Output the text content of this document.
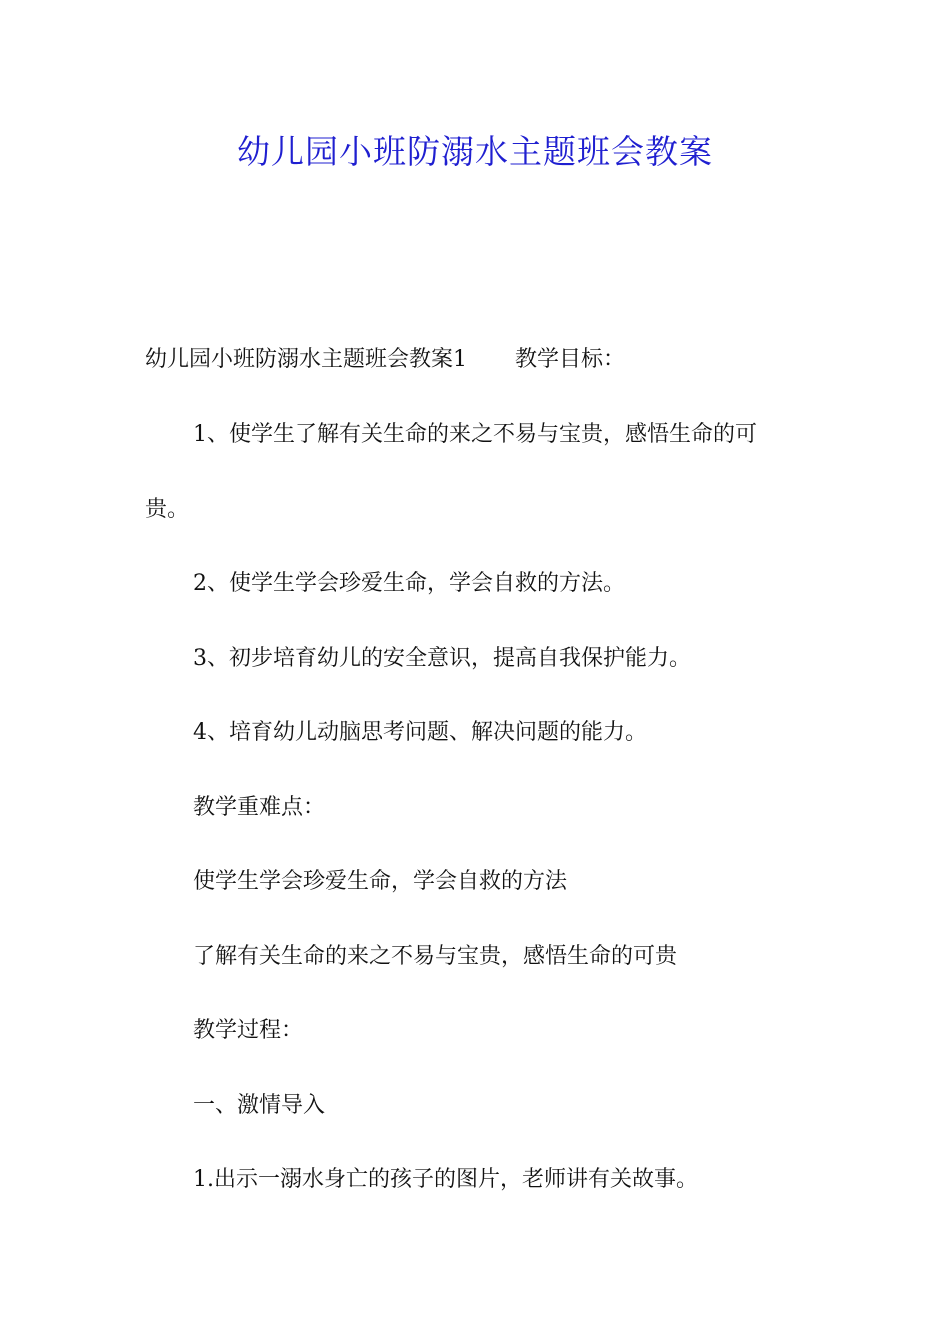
幼儿园小班防溺水主题班会教案

幼儿园小班防溺水主题班会教案1 教学目标：

1、使学生了解有关生命的来之不易与宝贵，感悟生命的可

贵。

2、使学生学会珍爱生命，学会自救的方法。

3、初步培育幼儿的安全意识，提高自我保护能力。

4、培育幼儿动脑思考问题、解决问题的能力。

教学重难点：

使学生学会珍爱生命，学会自救的方法

了解有关生命的来之不易与宝贵，感悟生命的可贵

教学过程：

一、激情导入

1.出示一溺水身亡的孩子的图片，老师讲有关故事。
